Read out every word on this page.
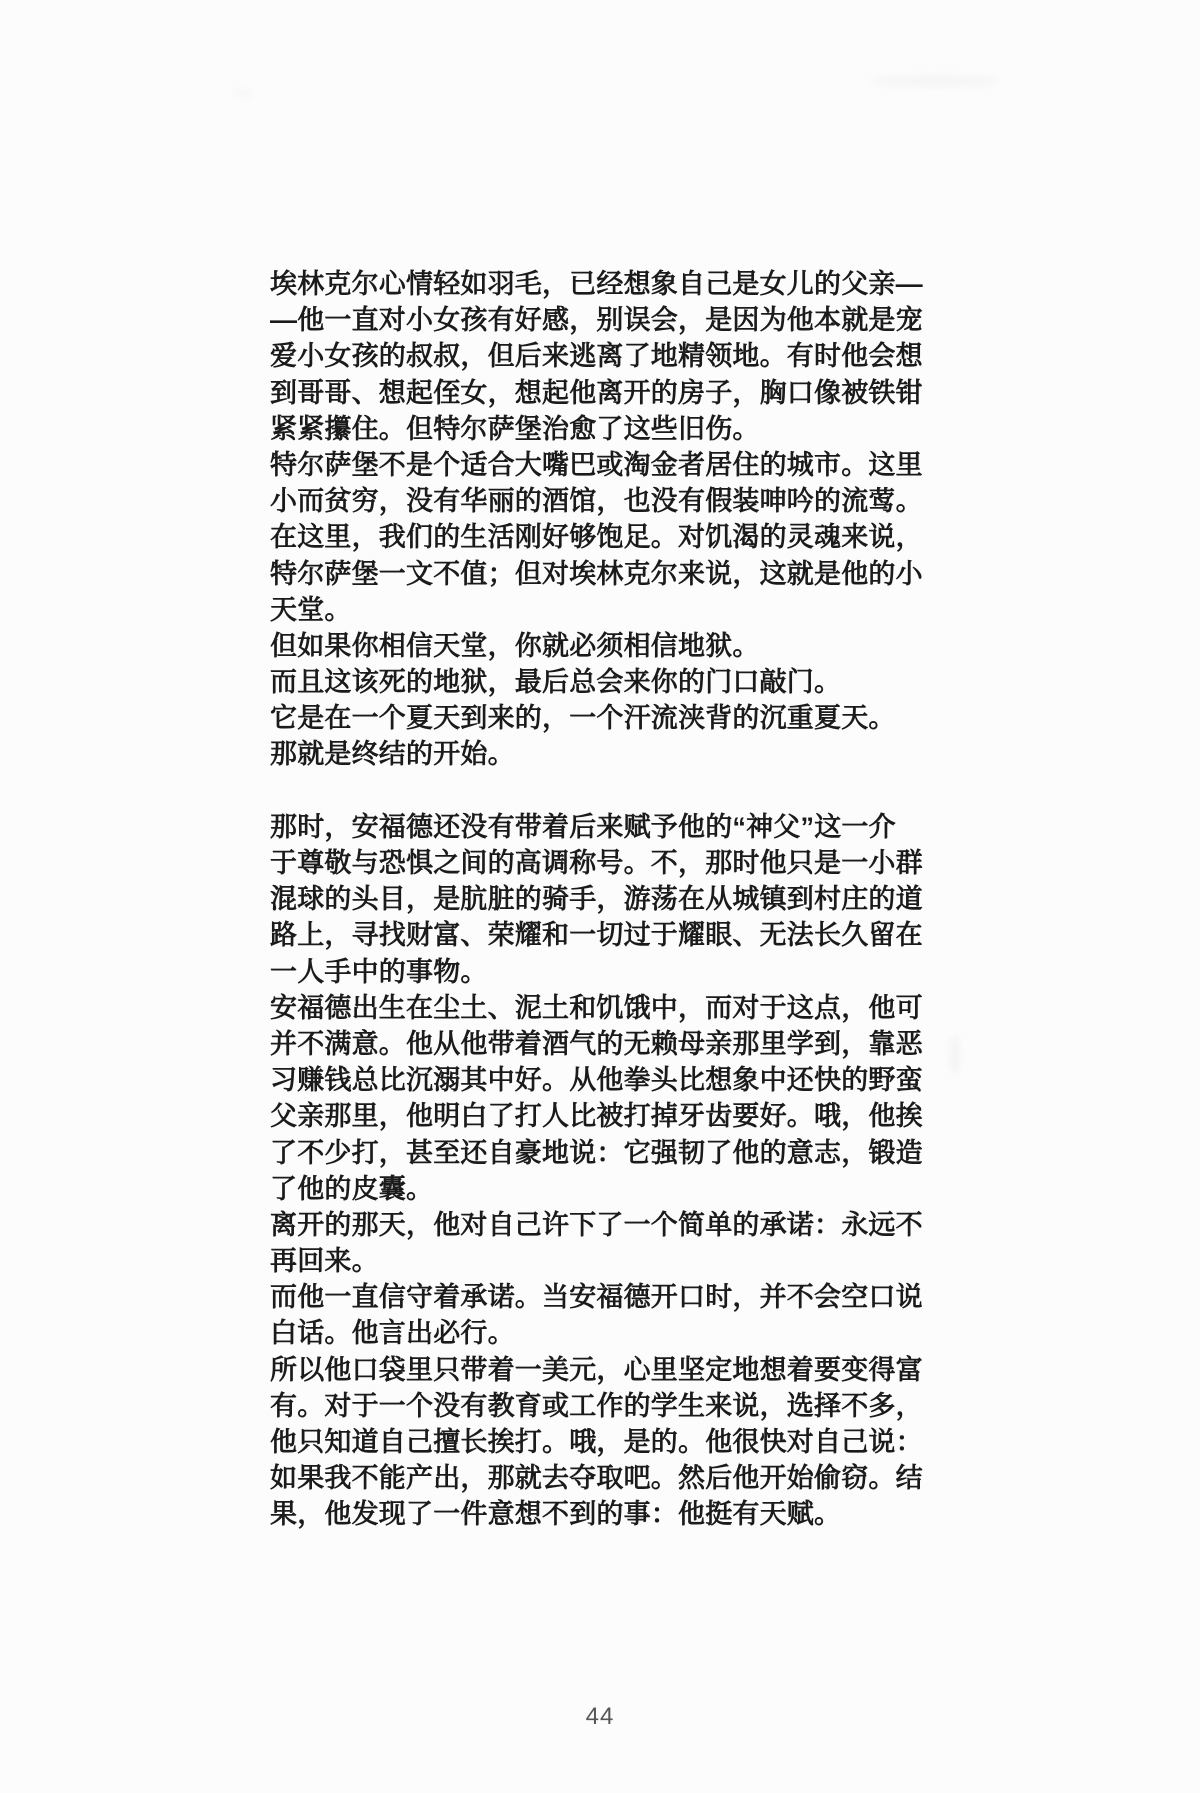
埃林克尔心情轻如羽毛，已经想象自己是女儿的父亲—
—他一直对小女孩有好感，别误会，是因为他本就是宠
爱小女孩的叔叔，但后来逃离了地精领地。有时他会想
到哥哥、想起侄女，想起他离开的房子，胸口像被铁钳
紧紧攥住。但特尔萨堡治愈了这些旧伤。
特尔萨堡不是个适合大嘴巴或淘金者居住的城市。这里
小而贫穷，没有华丽的酒馆，也没有假装呻吟的流莺。
在这里，我们的生活刚好够饱足。对饥渴的灵魂来说，
特尔萨堡一文不值；但对埃林克尔来说，这就是他的小
天堂。
但如果你相信天堂，你就必须相信地狱。
而且这该死的地狱，最后总会来你的门口敲门。
它是在一个夏天到来的，一个汗流浃背的沉重夏天。
那就是终结的开始。
那时，安福德还没有带着后来赋予他的“神父”这一介
于尊敬与恐惧之间的高调称号。不，那时他只是一小群
混球的头目，是肮脏的骑手，游荡在从城镇到村庄的道
路上，寻找财富、荣耀和一切过于耀眼、无法长久留在
一人手中的事物。
安福德出生在尘土、泥土和饥饿中，而对于这点，他可
并不满意。他从他带着酒气的无赖母亲那里学到，靠恶
习赚钱总比沉溺其中好。从他拳头比想象中还快的野蛮
父亲那里，他明白了打人比被打掉牙齿要好。哦，他挨
了不少打，甚至还自豪地说：它强韧了他的意志，锻造
了他的皮囊。
离开的那天，他对自己许下了一个简单的承诺：永远不
再回来。
而他一直信守着承诺。当安福德开口时，并不会空口说
白话。他言出必行。
所以他口袋里只带着一美元，心里坚定地想着要变得富
有。对于一个没有教育或工作的学生来说，选择不多，
他只知道自己擅长挨打。哦，是的。他很快对自己说：
如果我不能产出，那就去夺取吧。然后他开始偷窃。结
果，他发现了一件意想不到的事：他挺有天赋。
44
